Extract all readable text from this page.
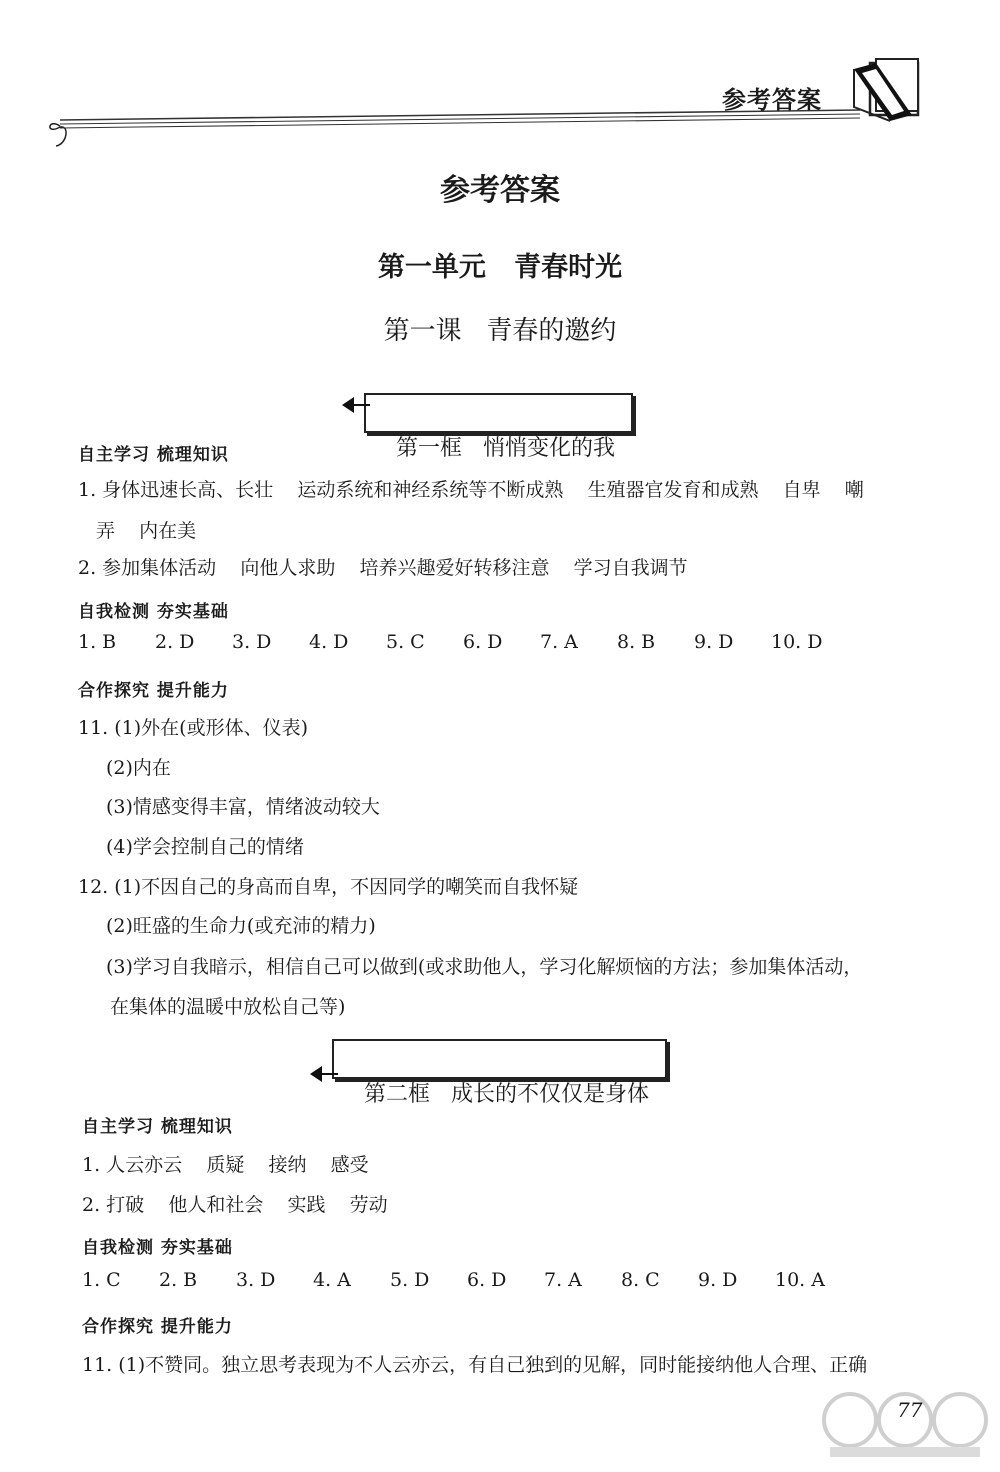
参考答案
参考答案
第一单元   青春时光
第一课   青春的邀约

第一框   悄悄变化的我

自主学习 梳理知识
1. 身体迅速长高、长壮    运动系统和神经系统等不断成熟    生殖器官发育和成熟    自卑    嘲
弄    内在美
2. 参加集体活动    向他人求助    培养兴趣爱好转移注意    学习自我调节
自我检测 夯实基础
1. B	2. D	3. D	4. D	5. C	6. D	7. A	8. B	9. D	10. D
合作探究 提升能力
11. (1)外在(或形体、仪表)
(2)内在
(3)情感变得丰富，情绪波动较大
(4)学会控制自己的情绪
12. (1)不因自己的身高而自卑，不因同学的嘲笑而自我怀疑
(2)旺盛的生命力(或充沛的精力)
(3)学习自我暗示，相信自己可以做到(或求助他人，学习化解烦恼的方法；参加集体活动，
在集体的温暖中放松自己等)

第二框   成长的不仅仅是身体

自主学习 梳理知识
1. 人云亦云    质疑    接纳    感受
2. 打破    他人和社会    实践    劳动
自我检测 夯实基础
1. C	2. B	3. D	4. A	5. D	6. D	7. A	8. C	9. D	10. A
合作探究 提升能力
11. (1)不赞同。独立思考表现为不人云亦云，有自己独到的见解，同时能接纳他人合理、正确
77
